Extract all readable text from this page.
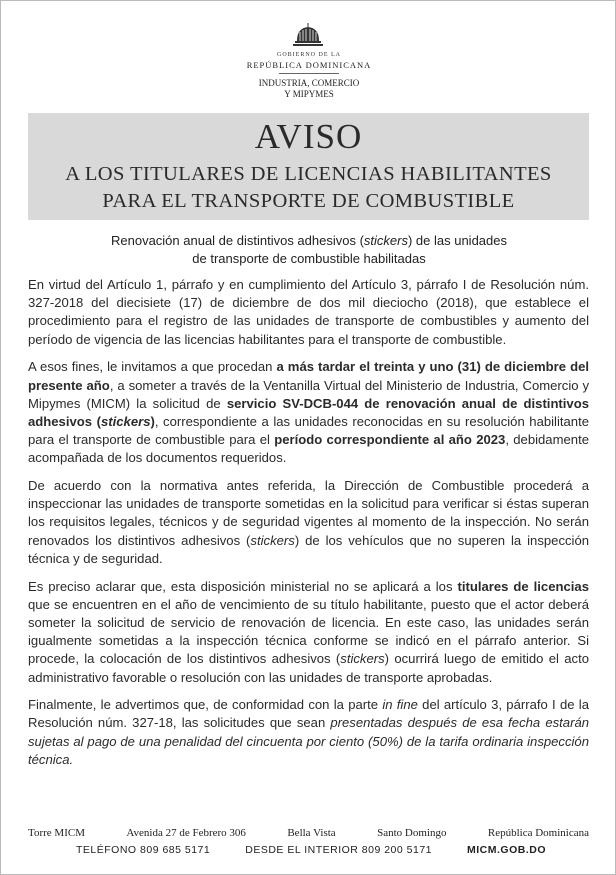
GOBIERNO DE LA
REPÚBLICA DOMINICANA
INDUSTRIA, COMERCIO
Y MIPYMES
AVISO
A LOS TITULARES DE LICENCIAS HABILITANTES
PARA EL TRANSPORTE DE COMBUSTIBLE
Renovación anual de distintivos adhesivos (stickers) de las unidades
de transporte de combustible habilitadas

En virtud del Artículo 1, párrafo y en cumplimiento del Artículo 3, párrafo I de Resolución núm. 327-2018 del diecisiete (17) de diciembre de dos mil dieciocho (2018), que establece el procedimiento para el registro de las unidades de transporte de combustibles y aumento del período de vigencia de las licencias habilitantes para el transporte de combustible.

A esos fines, le invitamos a que procedan a más tardar el treinta y uno (31) de diciembre del presente año, a someter a través de la Ventanilla Virtual del Ministerio de Industria, Comercio y Mipymes (MICM) la solicitud de servicio SV-DCB-044 de renovación anual de distintivos adhesivos (stickers), correspondiente a las unidades reconocidas en su resolución habilitante para el transporte de combustible para el período correspondiente al año 2023, debidamente acompañada de los documentos requeridos.

De acuerdo con la normativa antes referida, la Dirección de Combustible procederá a inspeccionar las unidades de transporte sometidas en la solicitud para verificar si éstas superan los requisitos legales, técnicos y de seguridad vigentes al momento de la inspección. No serán renovados los distintivos adhesivos (stickers) de los vehículos que no superen la inspección técnica y de seguridad.

Es preciso aclarar que, esta disposición ministerial no se aplicará a los titulares de licencias que se encuentren en el año de vencimiento de su título habilitante, puesto que el actor deberá someter la solicitud de servicio de renovación de licencia. En este caso, las unidades serán igualmente sometidas a la inspección técnica conforme se indicó en el párrafo anterior. Si procede, la colocación de los distintivos adhesivos (stickers) ocurrirá luego de emitido el acto administrativo favorable o resolución con las unidades de transporte aprobadas.

Finalmente, le advertimos que, de conformidad con la parte in fine del artículo 3, párrafo I de la Resolución núm. 327-18, las solicitudes que sean presentadas después de esa fecha estarán sujetas al pago de una penalidad del cincuenta por ciento (50%) de la tarifa ordinaria inspección técnica.

Torre MICM	Avenida 27 de Febrero 306	Bella Vista	Santo Domingo	República Dominicana
TELÉFONO 809 685 5171	DESDE EL INTERIOR 809 200 5171	MICM.GOB.DO
